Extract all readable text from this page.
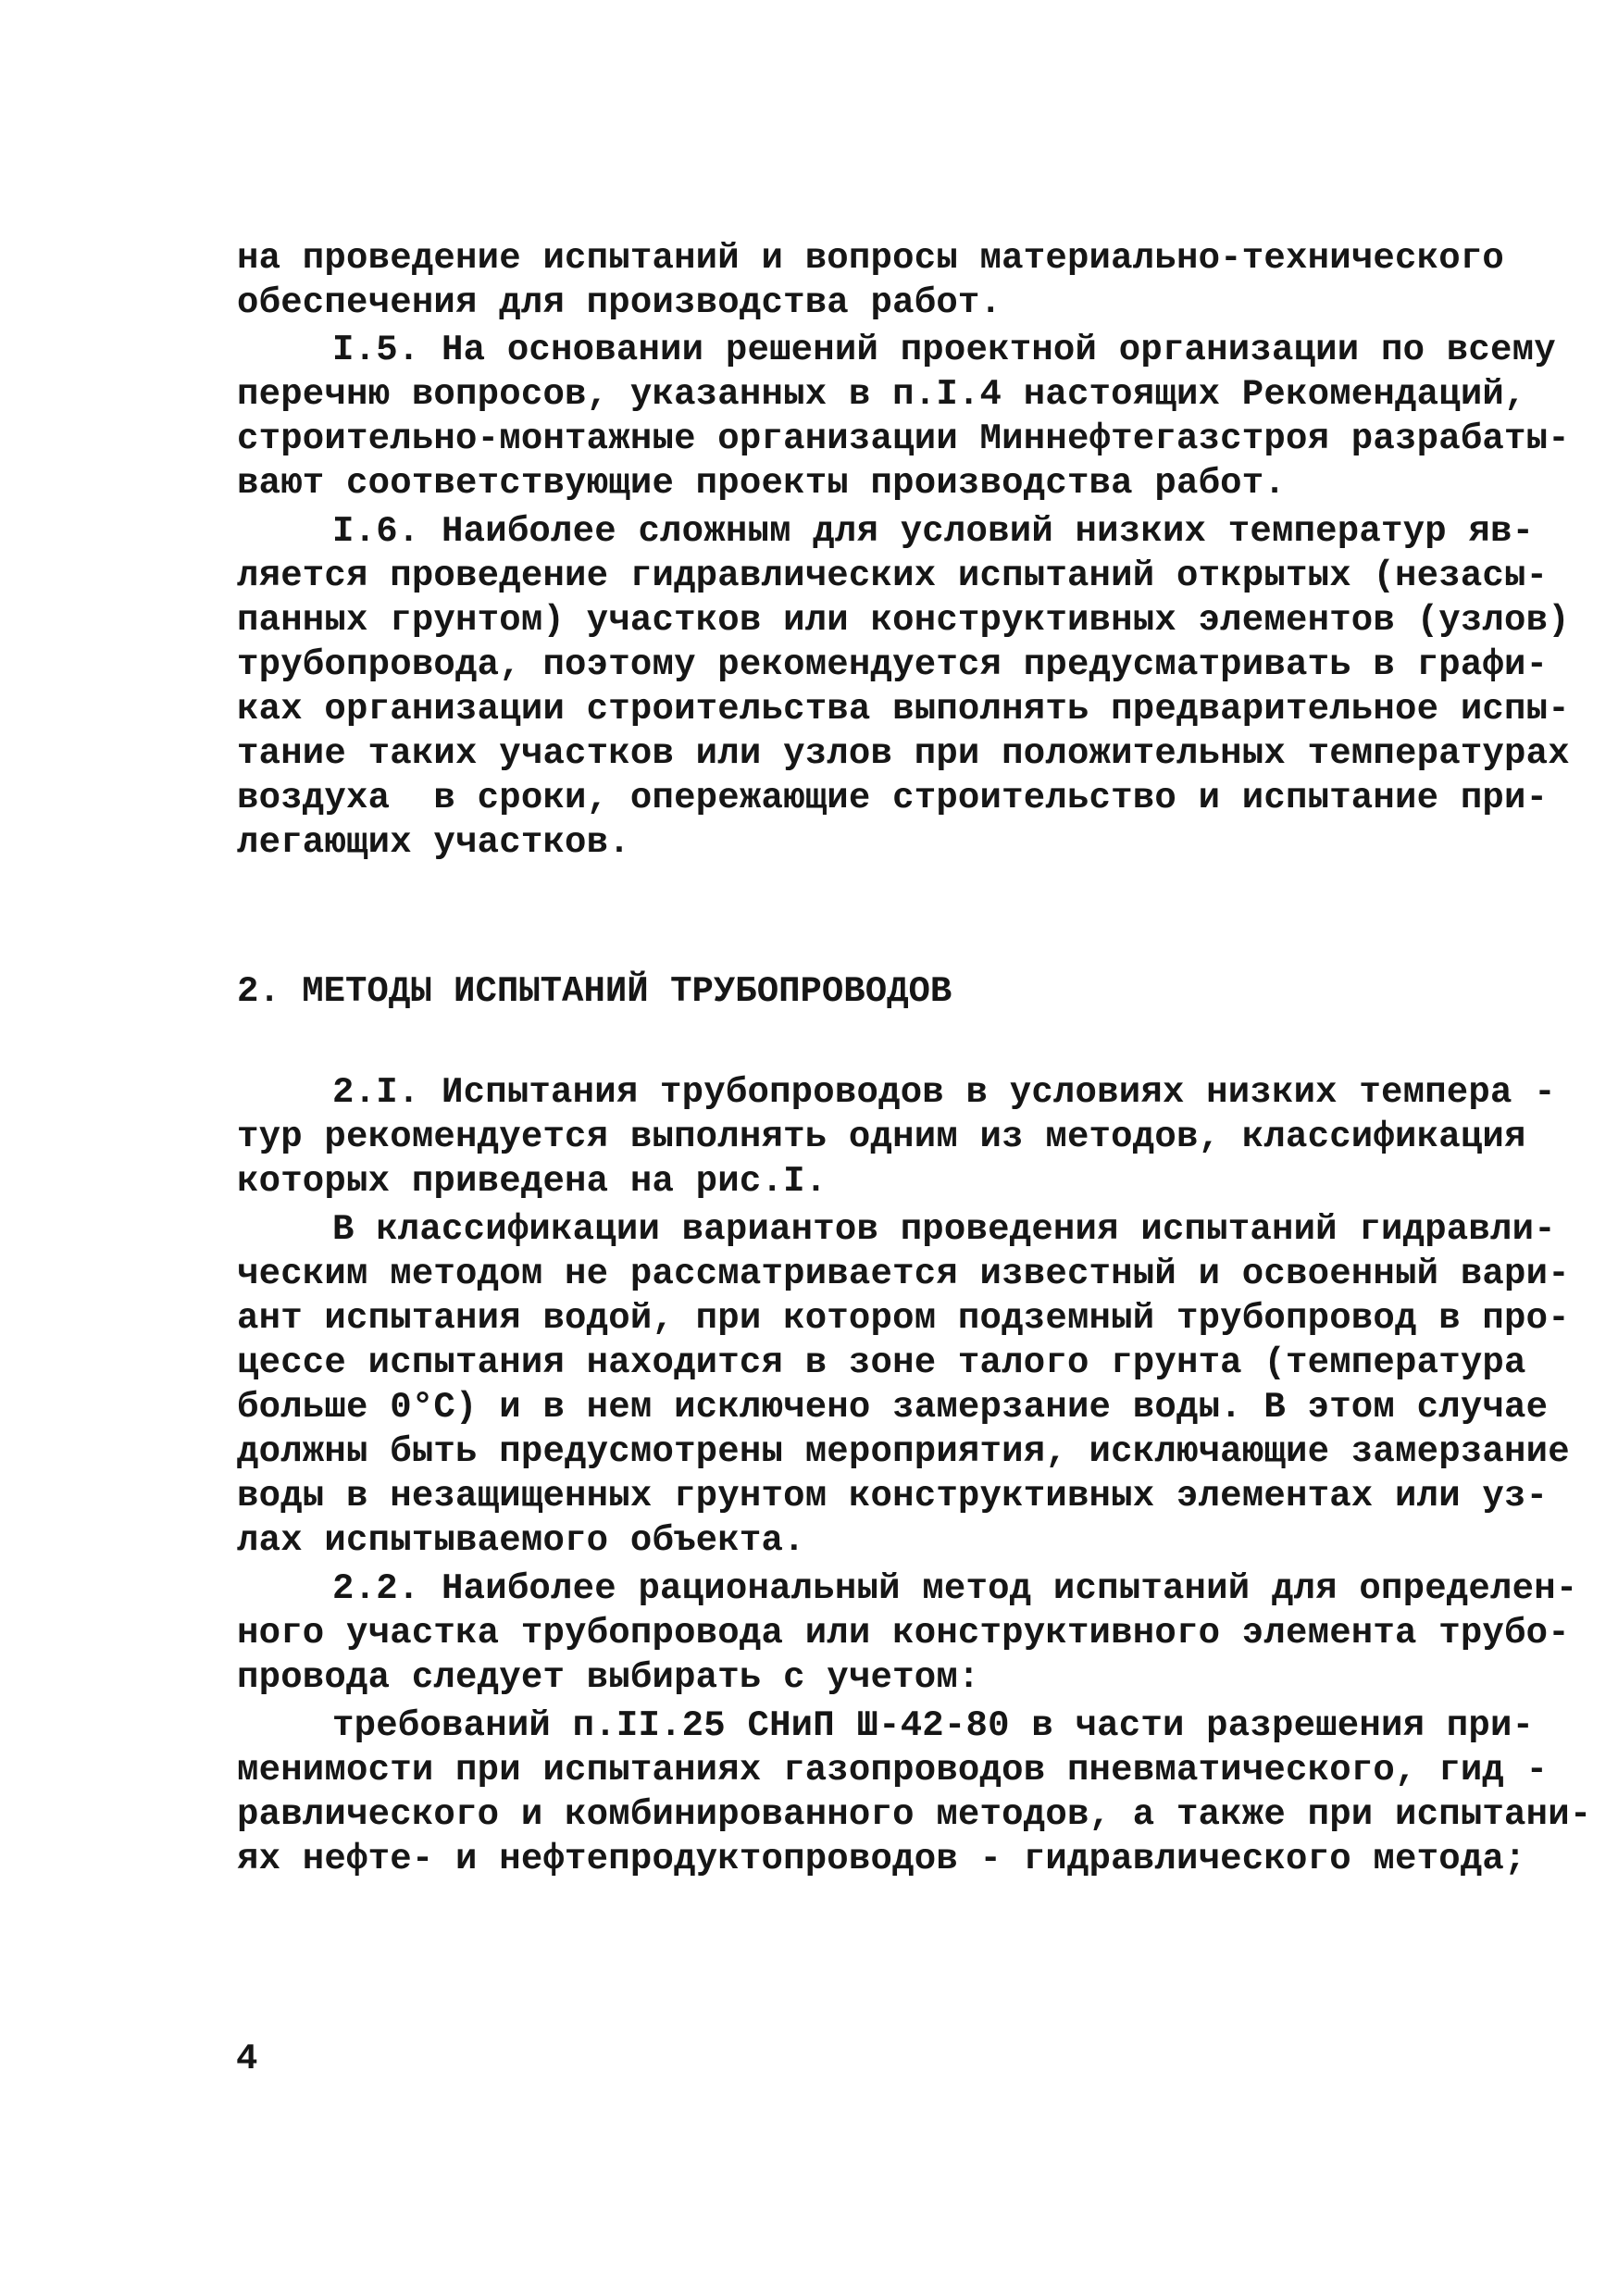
на проведение испытаний и вопросы материально-технического
обеспечения для производства работ.
I.5. На основании решений проектной организации по всему
перечню вопросов, указанных в п.I.4 настоящих Рекомендаций,
строительно-монтажные организации Миннефтегазстроя разрабаты-
вают соответствующие проекты производства работ.
I.6. Наиболее сложным для условий низких температур яв-
ляется проведение гидравлических испытаний открытых (незасы-
панных грунтом) участков или конструктивных элементов (узлов)
трубопровода, поэтому рекомендуется предусматривать в графи-
ках организации строительства выполнять предварительное испы-
тание таких участков или узлов при положительных температурах
воздуха  в сроки, опережающие строительство и испытание при-
легающих участков.
2. МЕТОДЫ ИСПЫТАНИЙ ТРУБОПРОВОДОВ
2.I. Испытания трубопроводов в условиях низких темпера -
тур рекомендуется выполнять одним из методов, классификация
которых приведена на рис.I.
В классификации вариантов проведения испытаний гидравли-
ческим методом не рассматривается известный и освоенный вари-
ант испытания водой, при котором подземный трубопровод в про-
цессе испытания находится в зоне талого грунта (температура
больше 0°C) и в нем исключено замерзание воды. В этом случае
должны быть предусмотрены мероприятия, исключающие замерзание
воды в незащищенных грунтом конструктивных элементах или уз-
лах испытываемого объекта.
2.2. Наиболее рациональный метод испытаний для определен-
ного участка трубопровода или конструктивного элемента трубо-
провода следует выбирать с учетом:
требований п.II.25 СНиП Ш-42-80 в части разрешения при-
менимости при испытаниях газопроводов пневматического, гид -
равлического и комбинированного методов, а также при испытани-
ях нефте- и нефтепродуктопроводов - гидравлического метода;
4
